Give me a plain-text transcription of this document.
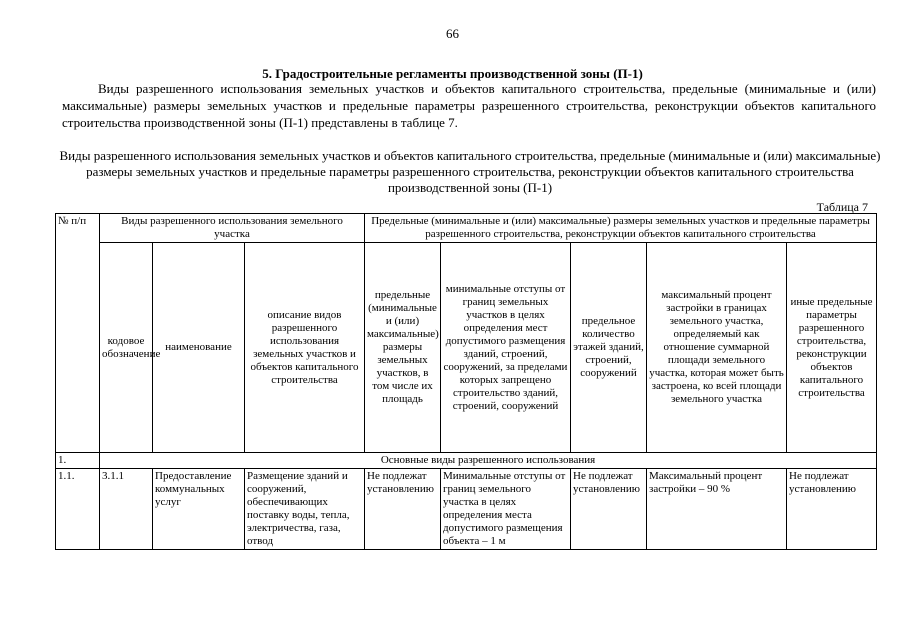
66
5. Градостроительные регламенты производственной зоны (П-1)

Виды разрешенного использования земельных участков и объектов капитального строительства, предельные (минимальные и (или) максимальные) размеры земельных участков и предельные параметры разрешенного строительства, реконструкции объектов капитального строительства производственной зоны (П-1) представлены в таблице 7.

Виды разрешенного использования земельных участков и объектов капитального строительства, предельные (минимальные и (или) максимальные) размеры земельных участков и предельные параметры разрешенного строительства, реконструкции объектов капитального строительства производственной зоны (П-1)

Таблица 7
№ п/п	Виды разрешенного использования земельного участка			Предельные (минимальные и (или) максимальные) размеры земельных участков и предельные параметры разрешенного строительства, реконструкции объектов капитального строительства				
	кодовое обозначение	наименование	описание видов разрешенного использования земельных участков и объектов капитального строительства	предельные (минимальные и (или) максимальные) размеры земельных участков, в том числе их площадь	минимальные отступы от границ земельных участков в целях определения мест допустимого размещения зданий, строений, сооружений, за пределами которых запрещено строительство зданий, строений, сооружений	предельное количество этажей зданий, строений, сооружений	максимальный процент застройки в границах земельного участка, определяемый как отношение суммарной площади земельного участка, которая может быть застроена, ко всей площади земельного участка	иные предельные параметры разрешенного строительства, реконструкции объектов капитального строительства
1.	Основные виды разрешенного использования							
1.1.	3.1.1	Предоставление коммунальных услуг	Размещение зданий и сооружений, обеспечивающих поставку воды, тепла, электричества, газа, отвод	Не подлежат установлению	Минимальные отступы от границ земельного участка в целях определения места допустимого размещения объекта – 1 м	Не подлежат установлению	Максимальный процент застройки – 90 %	Не подлежат установлению
